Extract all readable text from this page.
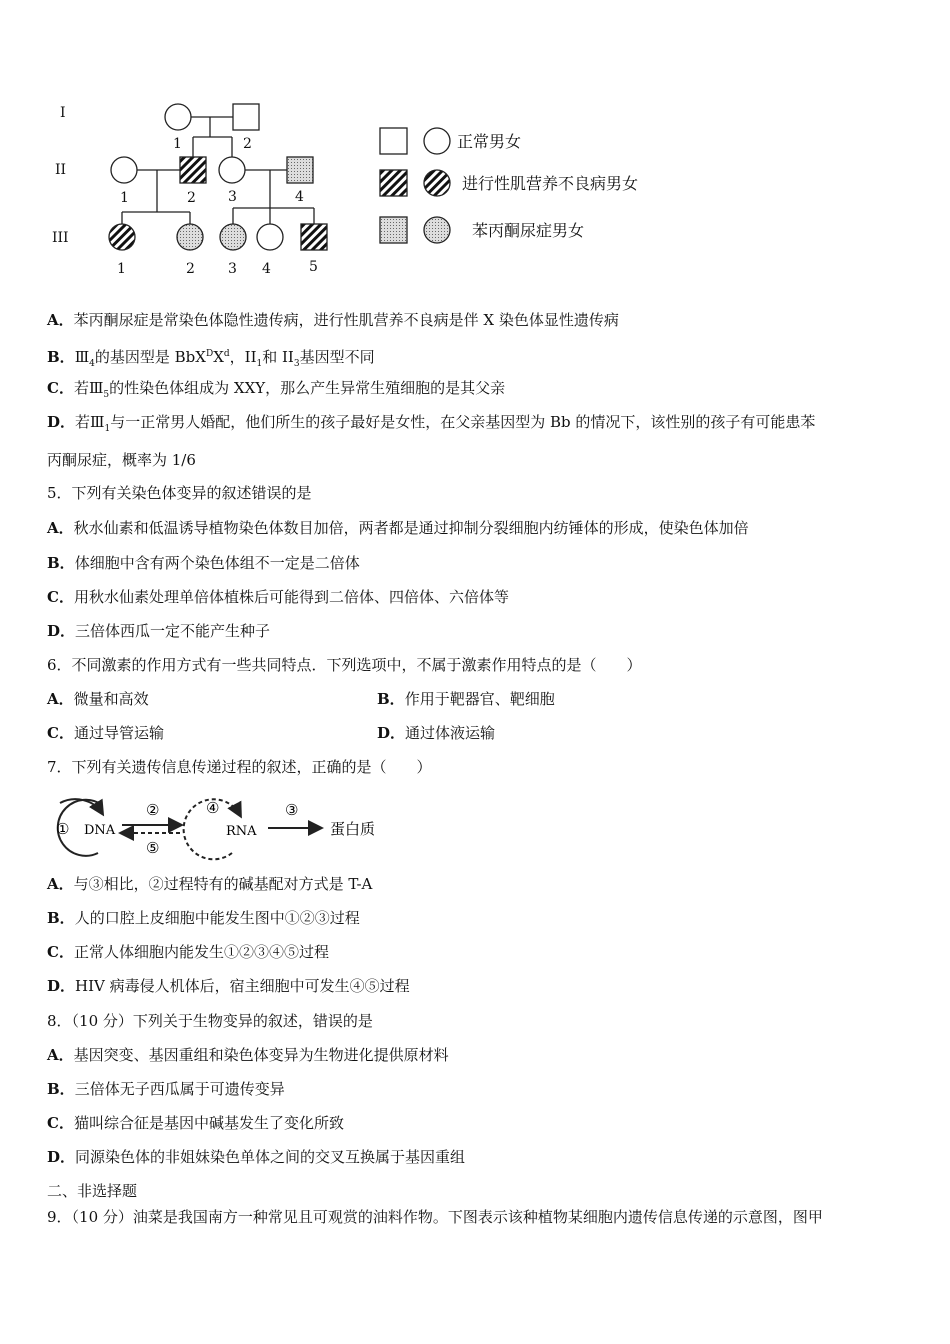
I
II
III
1	2
1	2 3	4
1	2 3 4	5
正常男女
进行性肌营养不良病男女
苯丙酮尿症男女
A．苯丙酮尿症是常染色体隐性遗传病，进行性肌营养不良病是伴 X 染色体显性遗传病
B．$Ⅲ_4$的基因型是 $BbX^DX^d$，$II_1$和 $II_3$基因型不同
C．若$Ⅲ_5$的性染色体组成为 XXY，那么产生异常生殖细胞的是其父亲
D．若$Ⅲ_1$与一正常男人婚配，他们所生的孩子最好是女性，在父亲基因型为 Bb 的情况下，该性别的孩子有可能患苯
丙酮尿症，概率为 1/6
5．下列有关染色体变异的叙述错误的是
A．秋水仙素和低温诱导植物染色体数目加倍，两者都是通过抑制分裂细胞内纺锤体的形成，使染色体加倍
B．体细胞中含有两个染色体组不一定是二倍体
C．用秋水仙素处理单倍体植株后可能得到二倍体、四倍体、六倍体等
D．三倍体西瓜一定不能产生种子
6．不同激素的作用方式有一些共同特点．下列选项中，不属于激素作用特点的是（　　）
A．微量和高效	B．作用于靶器官、靶细胞
C．通过导管运输	D．通过体液运输
7．下列有关遗传信息传递过程的叙述，正确的是（　　）
① DNA
②
⑤
④
RNA
③
蛋白质
A．与③相比，②过程特有的碱基配对方式是 T-A
B．人的口腔上皮细胞中能发生图中①②③过程
C．正常人体细胞内能发生①②③④⑤过程
D．HIV 病毒侵人机体后，宿主细胞中可发生④⑤过程
8．（10 分）下列关于生物变异的叙述，错误的是
A．基因突变、基因重组和染色体变异为生物进化提供原材料
B．三倍体无子西瓜属于可遗传变异
C．猫叫综合征是基因中碱基发生了变化所致
D．同源染色体的非姐妹染色单体之间的交叉互换属于基因重组
二、非选择题
9．（10 分）油菜是我国南方一种常见且可观赏的油料作物。下图表示该种植物某细胞内遗传信息传递的示意图，图甲
